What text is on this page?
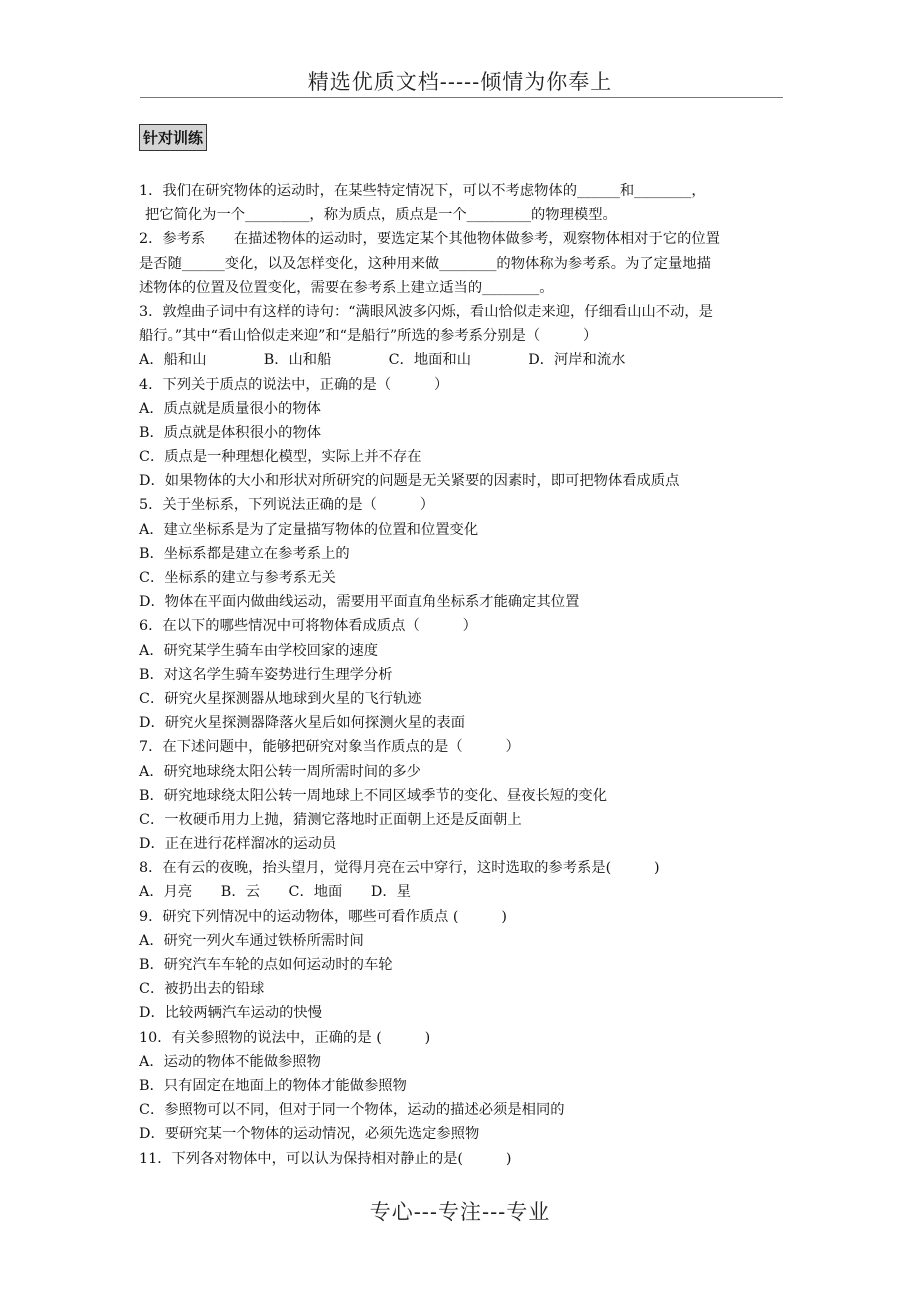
精选优质文档-----倾情为你奉上
针对训练
1．我们在研究物体的运动时，在某些特定情况下，可以不考虑物体的______和________，
把它简化为一个_________，称为质点，质点是一个_________的物理模型。
2．参考系　　在描述物体的运动时，要选定某个其他物体做参考，观察物体相对于它的位置
是否随______变化，以及怎样变化，这种用来做________的物体称为参考系。为了定量地描
述物体的位置及位置变化，需要在参考系上建立适当的________。
3．敦煌曲子词中有这样的诗句：“满眼风波多闪烁，看山恰似走来迎，仔细看山山不动，是
船行。”其中“看山恰似走来迎”和“是船行”所选的参考系分别是（　　　）
A．船和山　　　　B．山和船　　　　C．地面和山　　　　D．河岸和流水
4．下列关于质点的说法中，正确的是（　　　）
A．质点就是质量很小的物体
B．质点就是体积很小的物体
C．质点是一种理想化模型，实际上并不存在
D．如果物体的大小和形状对所研究的问题是无关紧要的因素时，即可把物体看成质点
5．关于坐标系，下列说法正确的是（　　　）
A．建立坐标系是为了定量描写物体的位置和位置变化
B．坐标系都是建立在参考系上的
C．坐标系的建立与参考系无关
D．物体在平面内做曲线运动，需要用平面直角坐标系才能确定其位置
6．在以下的哪些情况中可将物体看成质点（　　　）
A．研究某学生骑车由学校回家的速度
B．对这名学生骑车姿势进行生理学分析
C．研究火星探测器从地球到火星的飞行轨迹
D．研究火星探测器降落火星后如何探测火星的表面
7．在下述问题中，能够把研究对象当作质点的是（　　　）
A．研究地球绕太阳公转一周所需时间的多少
B．研究地球绕太阳公转一周地球上不同区域季节的变化、昼夜长短的变化
C．一枚硬币用力上抛，猜测它落地时正面朝上还是反面朝上
D．正在进行花样溜冰的运动员
8．在有云的夜晚，抬头望月，觉得月亮在云中穿行，这时选取的参考系是(　　　)
A．月亮　　B．云　　C．地面　　D．星
9．研究下列情况中的运动物体，哪些可看作质点 (　　　)
A．研究一列火车通过铁桥所需时间
B．研究汽车车轮的点如何运动时的车轮
C．被扔出去的铅球
D．比较两辆汽车运动的快慢
10．有关参照物的说法中，正确的是 (　　　)
A．运动的物体不能做参照物
B．只有固定在地面上的物体才能做参照物
C．参照物可以不同，但对于同一个物体，运动的描述必须是相同的
D．要研究某一个物体的运动情况，必须先选定参照物
11．下列各对物体中，可以认为保持相对静止的是(　　　)
专心---专注---专业
